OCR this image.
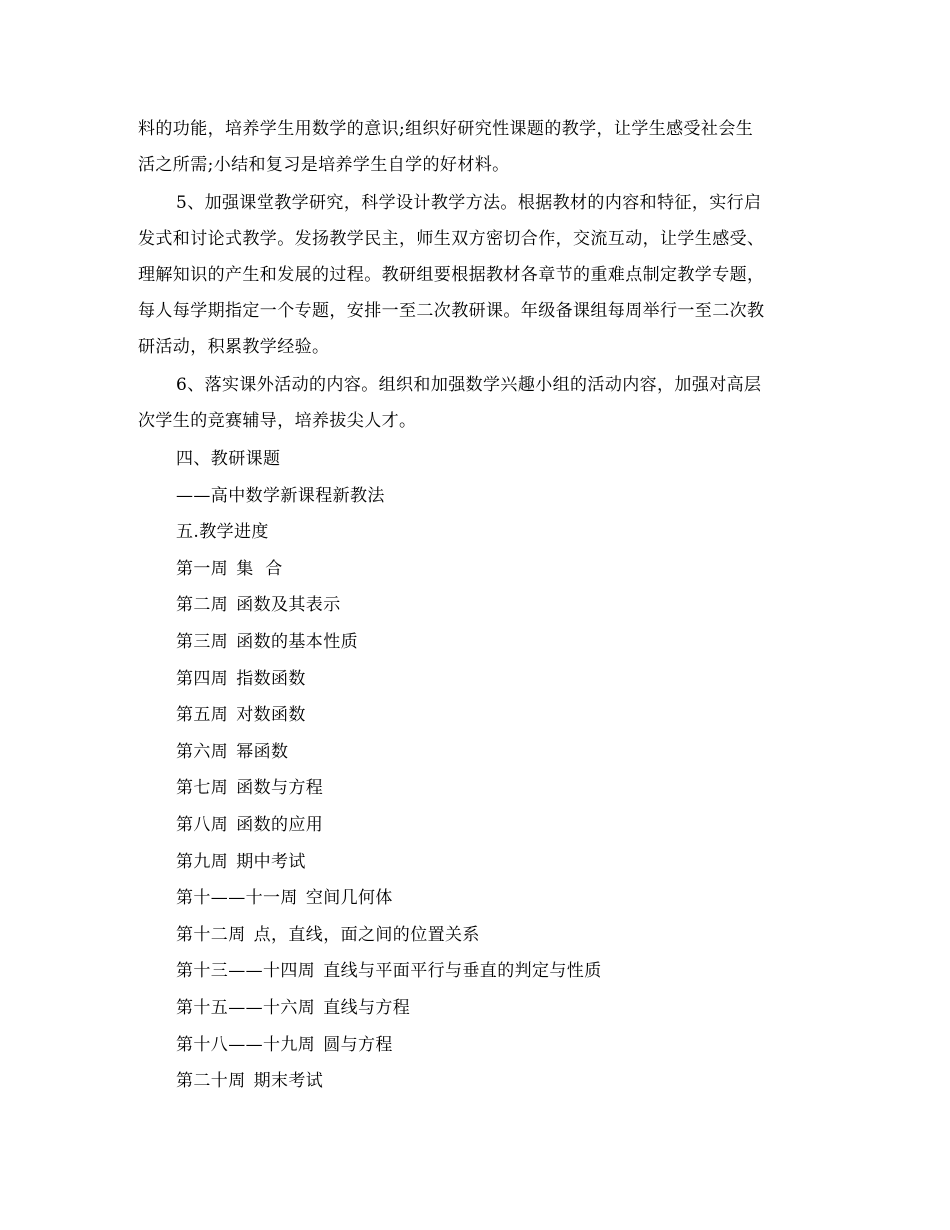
料的功能，培养学生用数学的意识;组织好研究性课题的教学，让学生感受社会生
活之所需;小结和复习是培养学生自学的好材料。

5、加强课堂教学研究，科学设计教学方法。根据教材的内容和特征，实行启
发式和讨论式教学。发扬教学民主，师生双方密切合作，交流互动，让学生感受、
理解知识的产生和发展的过程。教研组要根据教材各章节的重难点制定教学专题，
每人每学期指定一个专题，安排一至二次教研课。年级备课组每周举行一至二次教
研活动，积累教学经验。

6、落实课外活动的内容。组织和加强数学兴趣小组的活动内容，加强对高层
次学生的竞赛辅导，培养拔尖人才。

四、教研课题

——高中数学新课程新教法

五.教学进度

第一周 集  合
第二周 函数及其表示
第三周 函数的基本性质
第四周 指数函数
第五周 对数函数
第六周 幂函数
第七周 函数与方程
第八周 函数的应用
第九周 期中考试
第十——十一周 空间几何体
第十二周 点，直线，面之间的位置关系
第十三——十四周 直线与平面平行与垂直的判定与性质
第十五——十六周 直线与方程
第十八——十九周 圆与方程
第二十周 期末考试
